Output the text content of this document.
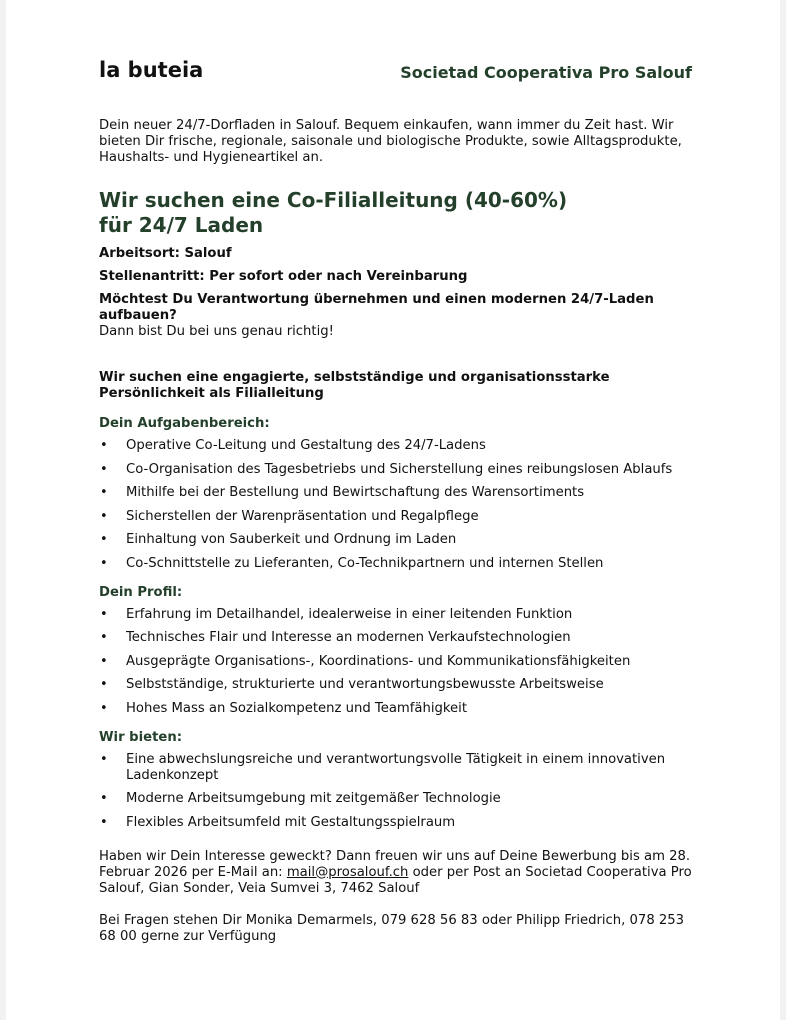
la buteia	Societad Cooperativa Pro Salouf

Dein neuer 24/7-Dorfladen in Salouf. Bequem einkaufen, wann immer du Zeit hast. Wir bieten Dir frische, regionale, saisonale und biologische Produkte, sowie Alltagsprodukte, Haushalts- und Hygieneartikel an.

Wir suchen eine Co-Filialleitung (40-60%)
für 24/7 Laden

Arbeitsort: Salouf

Stellenantritt: Per sofort oder nach Vereinbarung

Möchtest Du Verantwortung übernehmen und einen modernen 24/7-Laden aufbauen?

Dann bist Du bei uns genau richtig!

Wir suchen eine engagierte, selbstständige und organisationsstarke Persönlichkeit als Filialleitung

Dein Aufgabenbereich:
• Operative Co-Leitung und Gestaltung des 24/7-Ladens
• Co-Organisation des Tagesbetriebs und Sicherstellung eines reibungslosen Ablaufs
• Mithilfe bei der Bestellung und Bewirtschaftung des Warensortiments
• Sicherstellen der Warenpräsentation und Regalpflege
• Einhaltung von Sauberkeit und Ordnung im Laden
• Co-Schnittstelle zu Lieferanten, Co-Technikpartnern und internen Stellen
Dein Profil:
• Erfahrung im Detailhandel, idealerweise in einer leitenden Funktion
• Technisches Flair und Interesse an modernen Verkaufstechnologien
• Ausgeprägte Organisations-, Koordinations- und Kommunikationsfähigkeiten
• Selbstständige, strukturierte und verantwortungsbewusste Arbeitsweise
• Hohes Mass an Sozialkompetenz und Teamfähigkeit
Wir bieten:
• Eine abwechslungsreiche und verantwortungsvolle Tätigkeit in einem innovativen Ladenkonzept
• Moderne Arbeitsumgebung mit zeitgemäßer Technologie
• Flexibles Arbeitsumfeld mit Gestaltungsspielraum

Haben wir Dein Interesse geweckt? Dann freuen wir uns auf Deine Bewerbung bis am 28. Februar 2026 per E-Mail an: mail@prosalouf.ch oder per Post an Societad Cooperativa Pro Salouf, Gian Sonder, Veia Sumvei 3, 7462 Salouf

Bei Fragen stehen Dir Monika Demarmels, 079 628 56 83 oder Philipp Friedrich, 078 253 68 00 gerne zur Verfügung
